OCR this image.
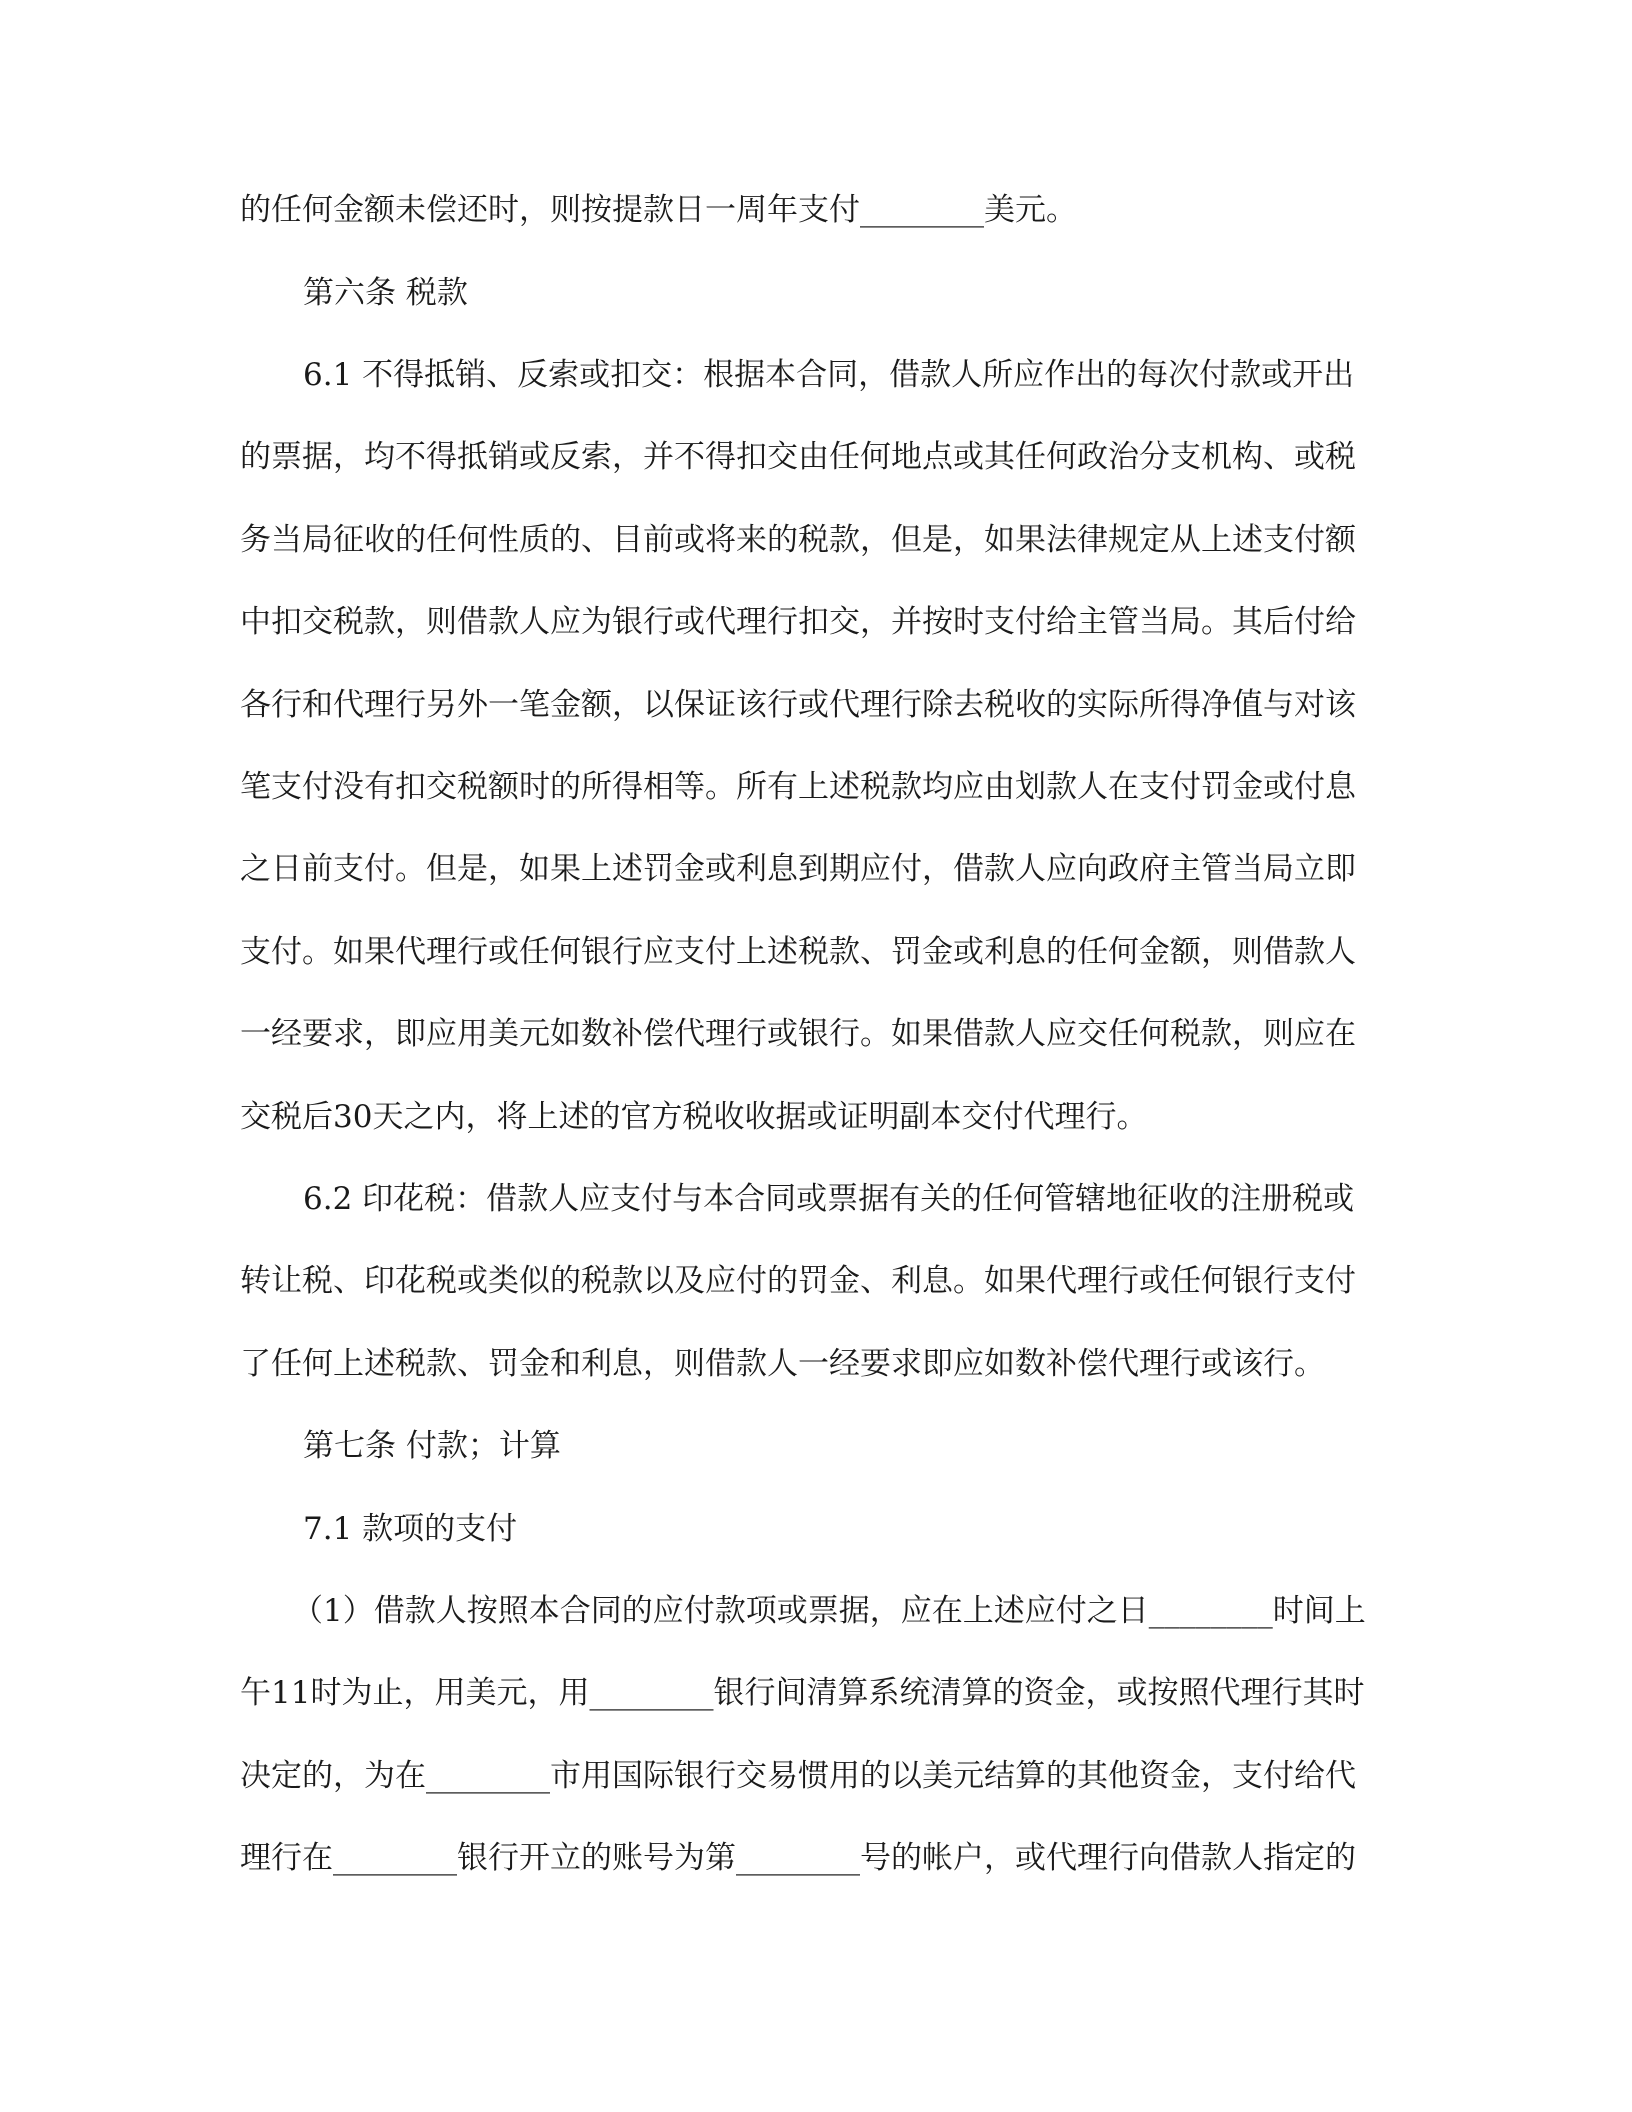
的任何金额未偿还时，则按提款日一周年支付________美元。

第六条 税款

6.1 不得抵销、反索或扣交：根据本合同，借款人所应作出的每次付款或开出

的票据，均不得抵销或反索，并不得扣交由任何地点或其任何政治分支机构、或税

务当局征收的任何性质的、目前或将来的税款，但是，如果法律规定从上述支付额

中扣交税款，则借款人应为银行或代理行扣交，并按时支付给主管当局。其后付给

各行和代理行另外一笔金额，以保证该行或代理行除去税收的实际所得净值与对该

笔支付没有扣交税额时的所得相等。所有上述税款均应由划款人在支付罚金或付息

之日前支付。但是，如果上述罚金或利息到期应付，借款人应向政府主管当局立即

支付。如果代理行或任何银行应支付上述税款、罚金或利息的任何金额，则借款人

一经要求，即应用美元如数补偿代理行或银行。如果借款人应交任何税款，则应在

交税后30天之内，将上述的官方税收收据或证明副本交付代理行。

6.2 印花税：借款人应支付与本合同或票据有关的任何管辖地征收的注册税或

转让税、印花税或类似的税款以及应付的罚金、利息。如果代理行或任何银行支付

了任何上述税款、罚金和利息，则借款人一经要求即应如数补偿代理行或该行。

第七条 付款；计算

7.1 款项的支付

（1）借款人按照本合同的应付款项或票据，应在上述应付之日________时间上

午11时为止，用美元，用________银行间清算系统清算的资金，或按照代理行其时

决定的，为在________市用国际银行交易惯用的以美元结算的其他资金，支付给代

理行在________银行开立的账号为第________号的帐户，或代理行向借款人指定的
